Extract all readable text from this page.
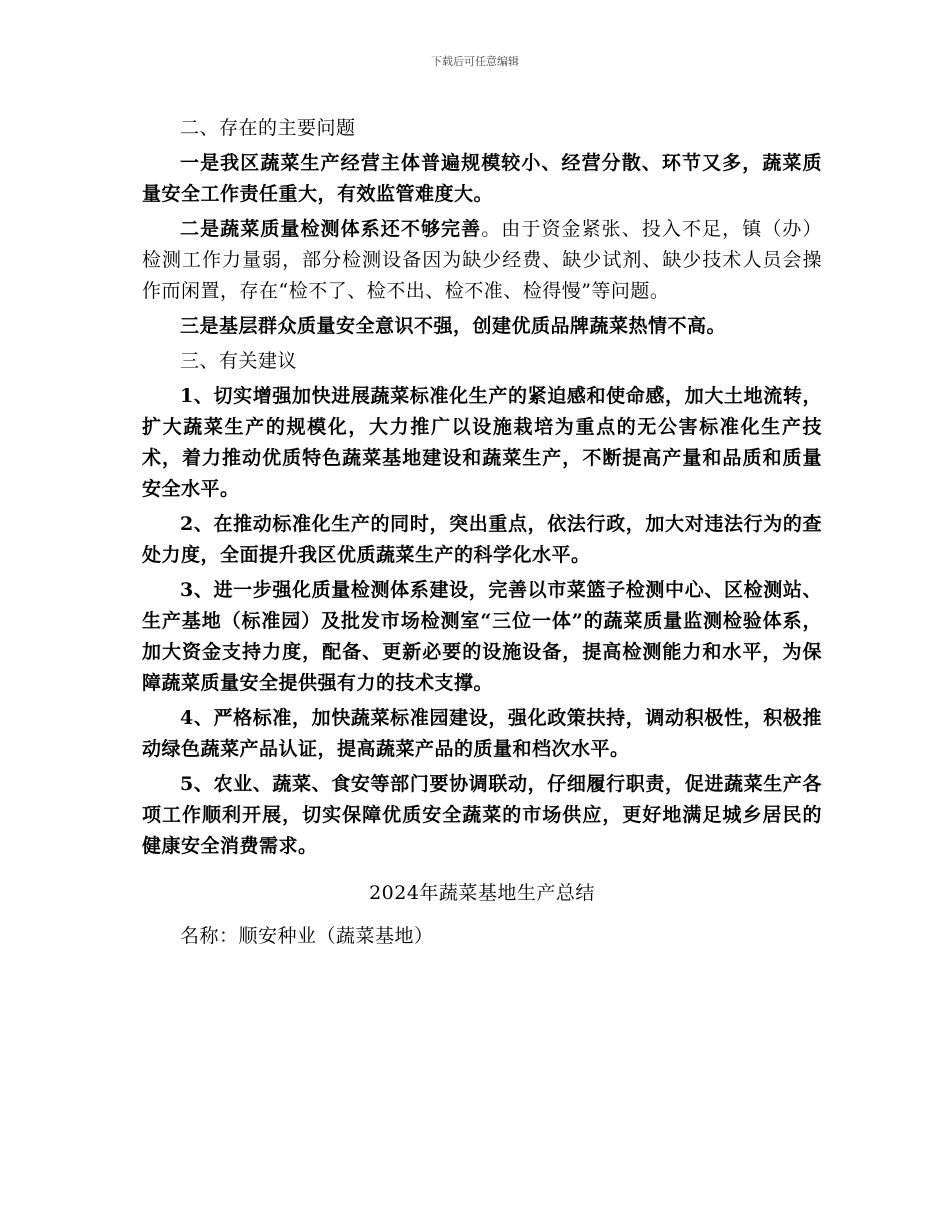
下载后可任意编辑

二、存在的主要问题

一是我区蔬菜生产经营主体普遍规模较小、经营分散、环节又多，蔬菜质量安全工作责任重大，有效监管难度大。

二是蔬菜质量检测体系还不够完善。由于资金紧张、投入不足，镇（办）检测工作力量弱，部分检测设备因为缺少经费、缺少试剂、缺少技术人员会操作而闲置，存在“检不了、检不出、检不准、检得慢”等问题。

三是基层群众质量安全意识不强，创建优质品牌蔬菜热情不高。

三、有关建议

1、切实增强加快进展蔬菜标准化生产的紧迫感和使命感，加大土地流转，扩大蔬菜生产的规模化，大力推广以设施栽培为重点的无公害标准化生产技术，着力推动优质特色蔬菜基地建设和蔬菜生产，不断提高产量和品质和质量安全水平。

2、在推动标准化生产的同时，突出重点，依法行政，加大对违法行为的查处力度，全面提升我区优质蔬菜生产的科学化水平。

3、进一步强化质量检测体系建设，完善以市菜篮子检测中心、区检测站、生产基地（标准园）及批发市场检测室“三位一体”的蔬菜质量监测检验体系，加大资金支持力度，配备、更新必要的设施设备，提高检测能力和水平，为保障蔬菜质量安全提供强有力的技术支撑。

4、严格标准，加快蔬菜标准园建设，强化政策扶持，调动积极性，积极推动绿色蔬菜产品认证，提高蔬菜产品的质量和档次水平。

5、农业、蔬菜、食安等部门要协调联动，仔细履行职责，促进蔬菜生产各项工作顺利开展，切实保障优质安全蔬菜的市场供应，更好地满足城乡居民的健康安全消费需求。

2024年蔬菜基地生产总结

名称：顺安种业（蔬菜基地）
